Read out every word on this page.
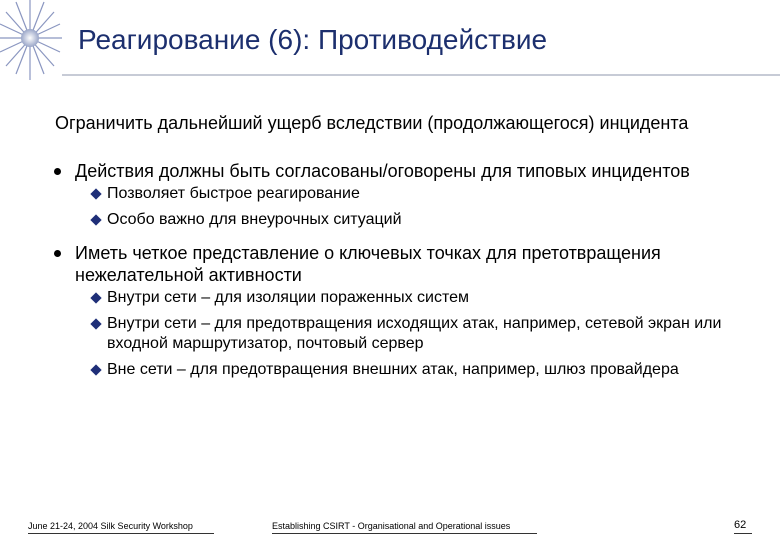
Реагирование (6): Противодействие

Ограничить дальнейший ущерб вследствии (продолжающегося) инцидента

Действия должны быть согласованы/оговорены для типовых инцидентов
Позволяет быстрое реагирование
Особо важно для внеурочных ситуаций
Иметь четкое представление о ключевых точках для претотвращения нежелательной активности
Внутри сети – для изоляции пораженных систем
Внутри сети – для предотвращения исходящих атак, например, сетевой экран или входной маршрутизатор, почтовый сервер
Вне сети – для предотвращения внешних атак, например, шлюз провайдера
June 21-24, 2004 Silk Security Workshop	Establishing CSIRT - Organisational and Operational issues	62
